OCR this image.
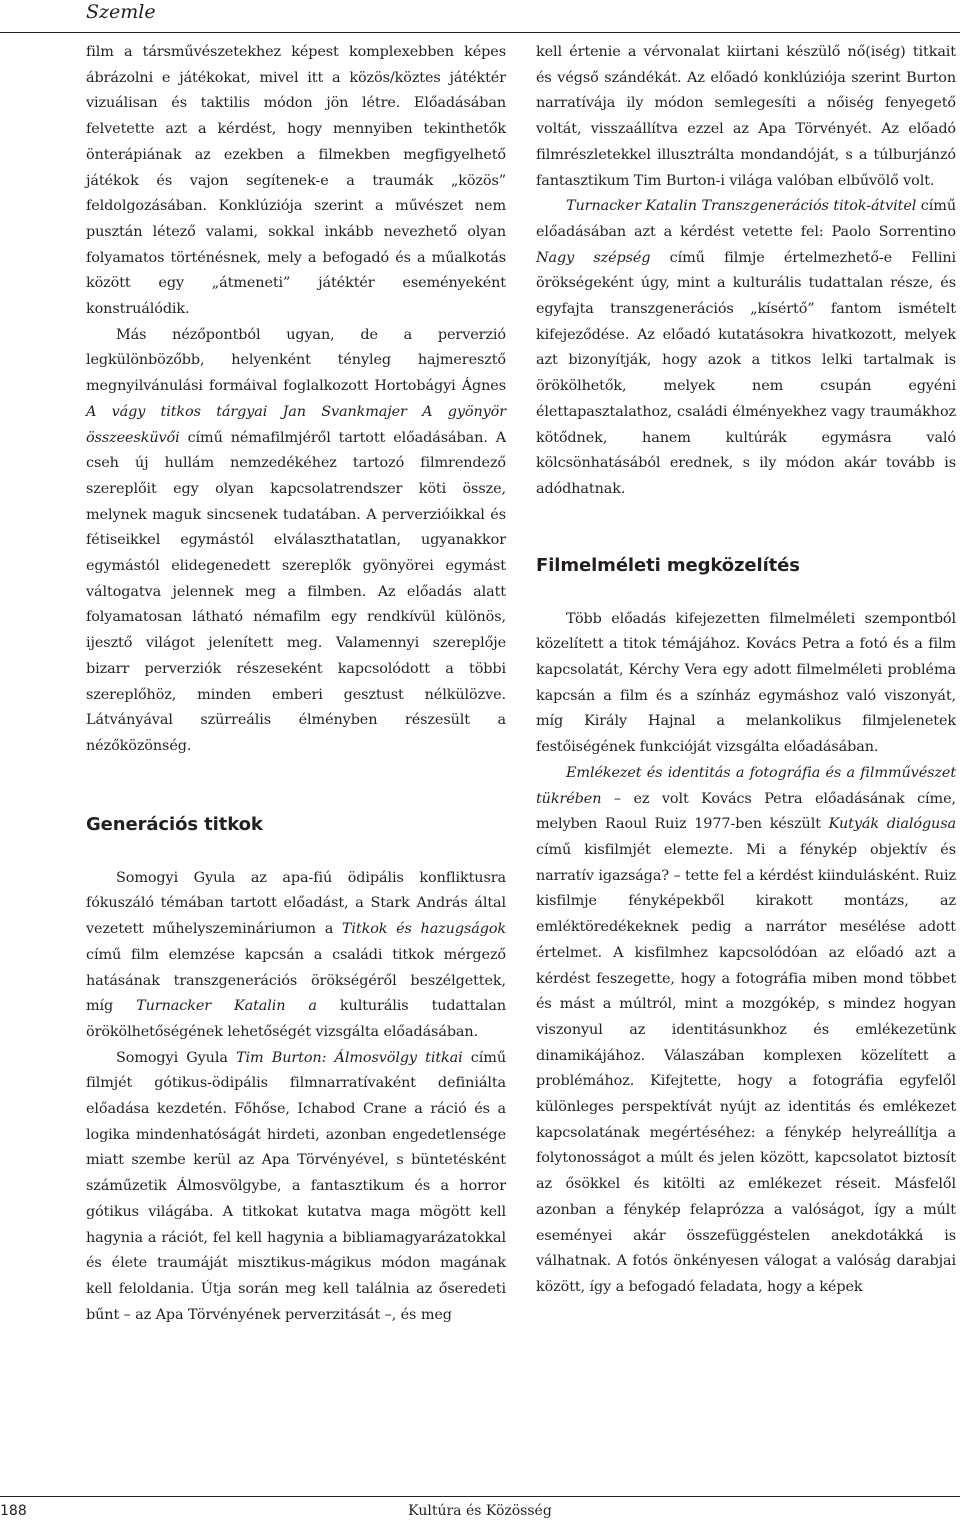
Szemle

film a társművészetekhez képest komplexebben képes ábrázolni e játékokat, mivel itt a közös/köztes játéktér vizuálisan és taktilis módon jön létre. Előadásában felvetette azt a kérdést, hogy mennyiben tekinthetők önterápiának az ezekben a filmekben megfigyelhető játékok és vajon segítenek-e a traumák „közös” feldolgozásában. Konklúziója szerint a művészet nem pusztán létező valami, sokkal inkább nevezhető olyan folyamatos történésnek, mely a befogadó és a műalkotás között egy „átmeneti” játéktér eseményeként konstruálódik.

Más nézőpontból ugyan, de a perverzió legkülönbözőbb, helyenként tényleg hajmeresztő megnyilvánulási formáival foglalkozott Hortobágyi Ágnes A vágy titkos tárgyai Jan Svankmajer A gyönyör összeesküvői című némafilmjéről tartott előadásában. A cseh új hullám nemzedékéhez tartozó filmrendező szereplőit egy olyan kapcsolatrendszer köti össze, melynek maguk sincsenek tudatában. A perverzióikkal és fétiseikkel egymástól elválaszthatatlan, ugyanakkor egymástól elidegenedett szereplők gyönyörei egymást váltogatva jelennek meg a filmben. Az előadás alatt folyamatosan látható némafilm egy rendkívül különös, ijesztő világot jelenített meg. Valamennyi szereplője bizarr perverziók részeseként kapcsolódott a többi szereplőhöz, minden emberi gesztust nélkülözve. Látványával szürreális élményben részesült a nézőközönség.

Generációs titkok

Somogyi Gyula az apa-fiú ödipális konfliktusra fókuszáló témában tartott előadást, a Stark András által vezetett műhelyszemináriumon a Titkok és hazugságok című film elemzése kapcsán a családi titkok mérgező hatásának transzgenerációs örökségéről beszélgettek, míg Turnacker Katalin a kulturális tudattalan örökölhetőségének lehetőségét vizsgálta előadásában.

Somogyi Gyula Tim Burton: Álmosvölgy titkai című filmjét gótikus-ödipális filmnarratívaként definiálta előadása kezdetén. Főhőse, Ichabod Crane a ráció és a logika mindenhatóságát hirdeti, azonban engedetlensége miatt szembe kerül az Apa Törvényével, s büntetésként száműzetik Álmosvölgybe, a fantasztikum és a horror gótikus világába. A titkokat kutatva maga mögött kell hagynia a rációt, fel kell hagynia a bibliamagyarázatokkal és élete traumáját misztikus-mágikus módon magának kell feloldania. Útja során meg kell találnia az őseredeti bűnt – az Apa Törvényének perverzitását –, és meg

kell értenie a vérvonalat kiirtani készülő nő(iség) titkait és végső szándékát. Az előadó konklúziója szerint Burton narratívája ily módon semlegesíti a nőiség fenyegető voltát, visszaállítva ezzel az Apa Törvényét. Az előadó filmrészletekkel illusztrálta mondandóját, s a túlburjánzó fantasztikum Tim Burton-i világa valóban elbűvölő volt.

Turnacker Katalin Transzgenerációs titok-átvitel című előadásában azt a kérdést vetette fel: Paolo Sorrentino Nagy szépség című filmje értelmezhető-e Fellini örökségeként úgy, mint a kulturális tudattalan része, és egyfajta transzgenerációs „kísértő” fantom ismételt kifejeződése. Az előadó kutatásokra hivatkozott, melyek azt bizonyítják, hogy azok a titkos lelki tartalmak is örökölhetők, melyek nem csupán egyéni élettapasztalathoz, családi élményekhez vagy traumákhoz kötődnek, hanem kultúrák egymásra való kölcsönhatásából erednek, s ily módon akár tovább is adódhatnak.

Filmelméleti megközelítés

Több előadás kifejezetten filmelméleti szempontból közelített a titok témájához. Kovács Petra a fotó és a film kapcsolatát, Kérchy Vera egy adott filmelméleti probléma kapcsán a film és a színház egymáshoz való viszonyát, míg Király Hajnal a melankolikus filmjelenetek festőiségének funkcióját vizsgálta előadásában.

Emlékezet és identitás a fotográfia és a filmművészet tükrében – ez volt Kovács Petra előadásának címe, melyben Raoul Ruiz 1977-ben készült Kutyák dialógusa című kisfilmjét elemezte. Mi a fénykép objektív és narratív igazsága? – tette fel a kérdést kiindulásként. Ruiz kisfilmje fényképekből kirakott montázs, az emléktöredékeknek pedig a narrátor mesélése adott értelmet. A kisfilmhez kapcsolódóan az előadó azt a kérdést feszegette, hogy a fotográfia miben mond többet és mást a múltról, mint a mozgókép, s mindez hogyan viszonyul az identitásunkhoz és emlékezetünk dinamikájához. Válaszában komplexen közelített a problémához. Kifejtette, hogy a fotográfia egyfelől különleges perspektívát nyújt az identitás és emlékezet kapcsolatának megértéséhez: a fénykép helyreállítja a folytonosságot a múlt és jelen között, kapcsolatot biztosít az ősökkel és kitölti az emlékezet réseit. Másfelől azonban a fénykép felaprózza a valóságot, így a múlt eseményei akár összefüggéstelen anekdotákká is válhatnak. A fotós önkényesen válogat a valóság darabjai között, így a befogadó feladata, hogy a képek

188	Kultúra és Közösség
